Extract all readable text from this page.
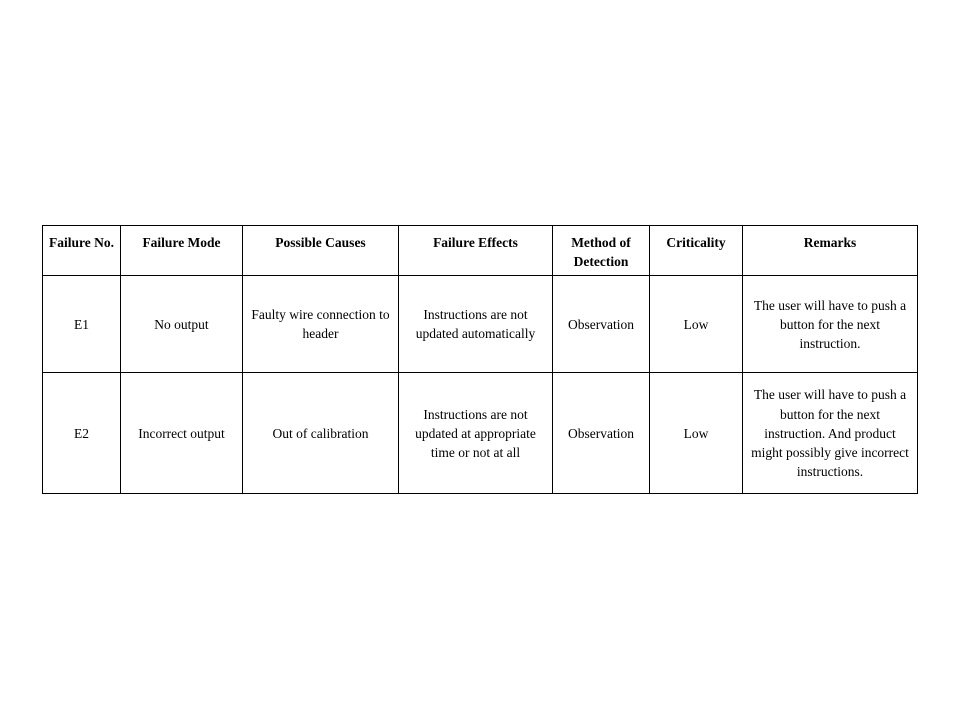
Failure No.	Failure Mode	Possible Causes	Failure Effects	Method of Detection	Criticality	Remarks
E1	No output	Faulty wire connection to header	Instructions are not updated automatically	Observation	Low	The user will have to push a button for the next instruction.
E2	Incorrect output	Out of calibration	Instructions are not updated at appropriate time or not at all	Observation	Low	The user will have to push a button for the next instruction. And product might possibly give incorrect instructions.
